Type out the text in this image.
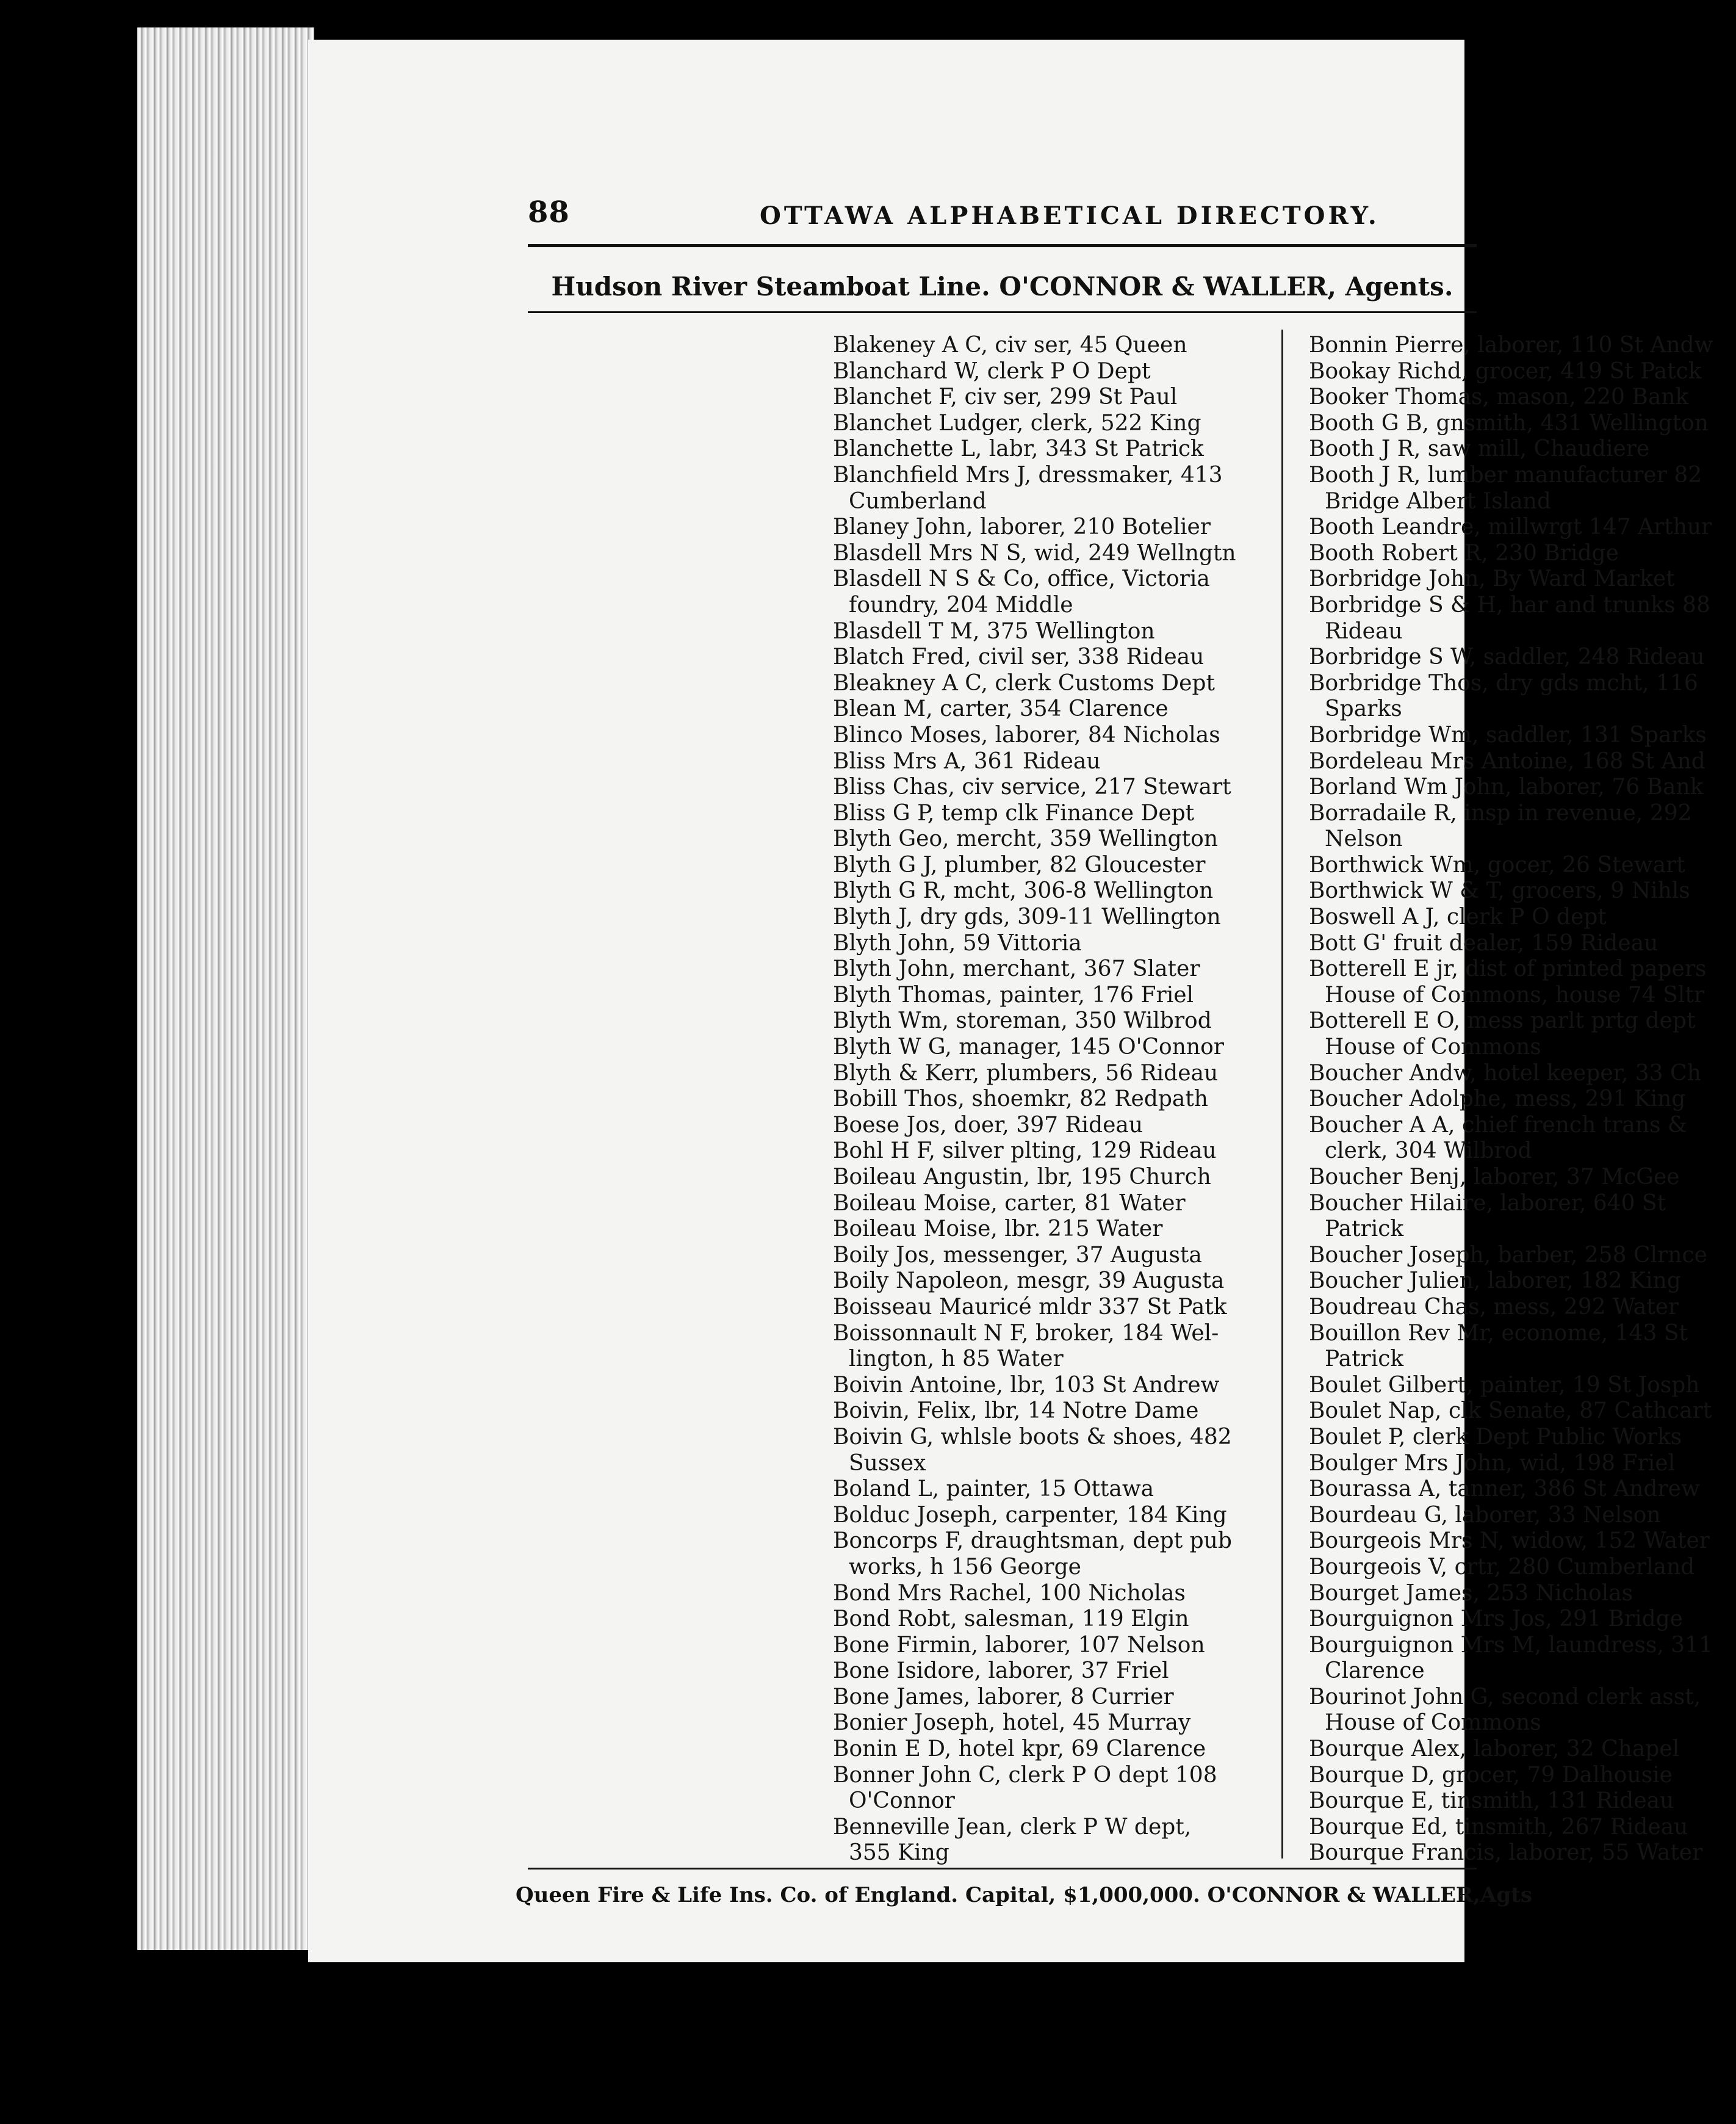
88	OTTAWA ALPHABETICAL DIRECTORY.
Hudson River Steamboat Line. O'CONNOR & WALLER, Agents.
Blakeney A C, civ ser, 45 Queen
Blanchard W, clerk P O Dept
Blanchet F, civ ser, 299 St Paul
Blanchet Ludger, clerk, 522 King
Blanchette L, labr, 343 St Patrick
Blanchfield Mrs J, dressmaker, 413
Cumberland
Blaney John, laborer, 210 Botelier
Blasdell Mrs N S, wid, 249 Wellngtn
Blasdell N S & Co, office, Victoria
foundry, 204 Middle
Blasdell T M, 375 Wellington
Blatch Fred, civil ser, 338 Rideau
Bleakney A C, clerk Customs Dept
Blean M, carter, 354 Clarence
Blinco Moses, laborer, 84 Nicholas
Bliss Mrs A, 361 Rideau
Bliss Chas, civ service, 217 Stewart
Bliss G P, temp clk Finance Dept
Blyth Geo, mercht, 359 Wellington
Blyth G J, plumber, 82 Gloucester
Blyth G R, mcht, 306-8 Wellington
Blyth J, dry gds, 309-11 Wellington
Blyth John, 59 Vittoria
Blyth John, merchant, 367 Slater
Blyth Thomas, painter, 176 Friel
Blyth Wm, storeman, 350 Wilbrod
Blyth W G, manager, 145 O'Connor
Blyth & Kerr, plumbers, 56 Rideau
Bobill Thos, shoemkr, 82 Redpath
Boese Jos, doer, 397 Rideau
Bohl H F, silver plting, 129 Rideau
Boileau Angustin, lbr, 195 Church
Boileau Moise, carter, 81 Water
Boileau Moise, lbr. 215 Water
Boily Jos, messenger, 37 Augusta
Boily Napoleon, mesgr, 39 Augusta
Boisseau Mauricé mldr 337 St Patk
Boissonnault N F, broker, 184 Wel-
lington, h 85 Water
Boivin Antoine, lbr, 103 St Andrew
Boivin, Felix, lbr, 14 Notre Dame
Boivin G, whlsle boots & shoes, 482
Sussex
Boland L, painter, 15 Ottawa
Bolduc Joseph, carpenter, 184 King
Boncorps F, draughtsman, dept pub
works, h 156 George
Bond Mrs Rachel, 100 Nicholas
Bond Robt, salesman, 119 Elgin
Bone Firmin, laborer, 107 Nelson
Bone Isidore, laborer, 37 Friel
Bone James, laborer, 8 Currier
Bonier Joseph, hotel, 45 Murray
Bonin E D, hotel kpr, 69 Clarence
Bonner John C, clerk P O dept 108
O'Connor
Benneville Jean, clerk P W dept,
355 King
Bonnin Pierre, laborer, 110 St Andw
Bookay Richd, grocer, 419 St Patck
Booker Thomas, mason, 220 Bank
Booth G B, gnsmith, 431 Wellington
Booth J R, saw mill, Chaudiere
Booth J R, lumber manufacturer 82
Bridge Albert Island
Booth Leandre, millwrgt 147 Arthur
Booth Robert R, 230 Bridge
Borbridge John, By Ward Market
Borbridge S & H, har and trunks 88
Rideau
Borbridge S W, saddler, 248 Rideau
Borbridge Thos, dry gds mcht, 116
Sparks
Borbridge Wm, saddler, 131 Sparks
Bordeleau Mrs Antoine, 168 St And
Borland Wm John, laborer, 76 Bank
Borradaile R, insp in revenue, 292
Nelson
Borthwick Wm, gocer, 26 Stewart
Borthwick W & T, grocers, 9 Nihls
Boswell A J, clerk P O dept
Bott G' fruit dealer, 159 Rideau
Botterell E jr, dist of printed papers
House of Commons, house 74 Sltr
Botterell E O, mess parlt prtg dept
House of Commons
Boucher Andw, hotel keeper, 33 Ch
Boucher Adolphe, mess, 291 King
Boucher A A, chief french trans &
clerk, 304 Wilbrod
Boucher Benj, laborer, 37 McGee
Boucher Hilaire, laborer, 640 St
Patrick
Boucher Joseph, barber, 258 Clrnce
Boucher Julien, laborer, 182 King
Boudreau Chas, mess, 292 Water
Bouillon Rev Mr, econome, 143 St
Patrick
Boulet Gilbert, painter, 19 St Josph
Boulet Nap, clk Senate, 87 Cathcart
Boulet P, clerk Dept Public Works
Boulger Mrs John, wid, 198 Friel
Bourassa A, tanner, 386 St Andrew
Bourdeau G, laborer, 33 Nelson
Bourgeois Mrs N, widow, 152 Water
Bourgeois V, crtr, 280 Cumberland
Bourget James, 253 Nicholas
Bourguignon Mrs Jos, 291 Bridge
Bourguignon Mrs M, laundress, 311
Clarence
Bourinot John G, second clerk asst,
House of Commons
Bourque Alex, laborer, 32 Chapel
Bourque D, grocer, 79 Dalhousie
Bourque E, tinsmith, 131 Rideau
Bourque Ed, tinsmith, 267 Rideau
Bourque Francis, laborer, 55 Water
Queen Fire & Life Ins. Co. of England. Capital, $1,000,000. O'CONNOR & WALLER,Agts
